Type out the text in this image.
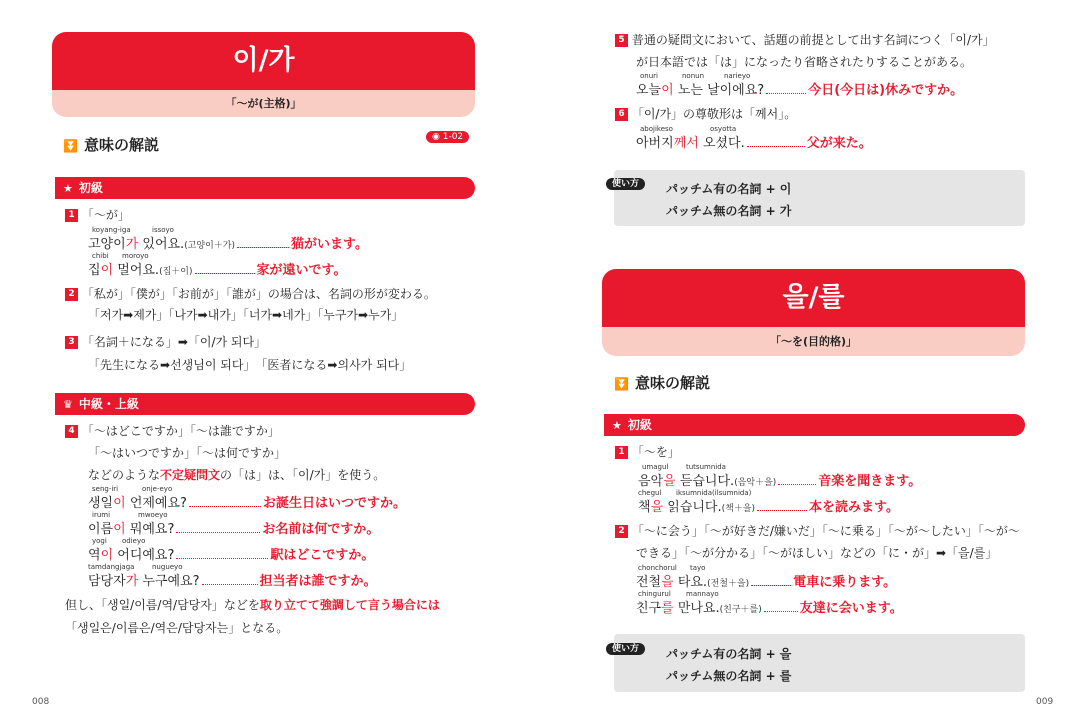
이/가
「～が(主格)」
⏬ 意味の解説	◉ 1-02
★ 初級
1 「～が」
koyang-iga	issoyo
고양이가 있어요.(고양이＋가)	猫がいます。
chibi moroyo
집이 멀어요.(집＋이)	家が遠いです。
2 「私が」「僕が」「お前が」「誰が」の場合は、名詞の形が変わる。
「저가➡제가」「나가➡내가」「너가➡네가」「누구가➡누가」
3 「名詞＋になる」➡「이/가 되다」
「先生になる➡선생님이 되다」　「医者になる➡의사가 되다」
♛ 中級・上級
4 「～はどこですか」「～は誰ですか」
「～はいつですか」「～は何ですか」
などのような不定疑問文の「は」は、「이/가」を使う。
seng-iri	onje-eyo
생일이 언제예요?	お誕生日はいつですか。
irumi	mwoeyo
이름이 뭐예요?	お名前は何ですか。
yogi odieyo
역이 어디예요?	駅はどこですか。
tamdangjaga	nugueyo
담당자가 누구예요?	担当者は誰ですか。
但し、「생일/이름/역/담당자」などを取り立てて強調して言う場合には
「생일은/이름은/역은/담당자는」となる。
008
5 普通の疑問文において、話題の前提として出す名詞につく「이/가」
が日本語では「は」になったり省略されたりすることがある。
onuri	nonun	narieyo
오늘이 노는 날이에요?	今日(今日は)休みですか。
6 「이/가」の尊敬形は「께서」。
abojikeso	osyotta
아버지께서 오셨다.	父が来た。
使い方	パッチム有の名詞 + 이
パッチム無の名詞 + 가
을/를
「～を(目的格)」
⏬ 意味の解説
★ 初級
1 「～を」
umagul	tutsumnida
음악을 듣습니다.(음악＋을)	音楽を聞きます。
chegul iksumnida(ilsumnida)
책을 읽습니다.(책＋을)	本を読みます。
2 「～に会う」「～が好きだ/嫌いだ」「～に乗る」「～が～したい」「～が～
できる」「～が分かる」「～がほしい」などの「に・が」➡「을/를」
chonchorul tayo
전철을 타요.(전철＋을)	電車に乗ります。
chingurul mannayo
친구를 만나요.(친구＋를)	友達に会います。
使い方	パッチム有の名詞 + 을
パッチム無の名詞 + 를
009
